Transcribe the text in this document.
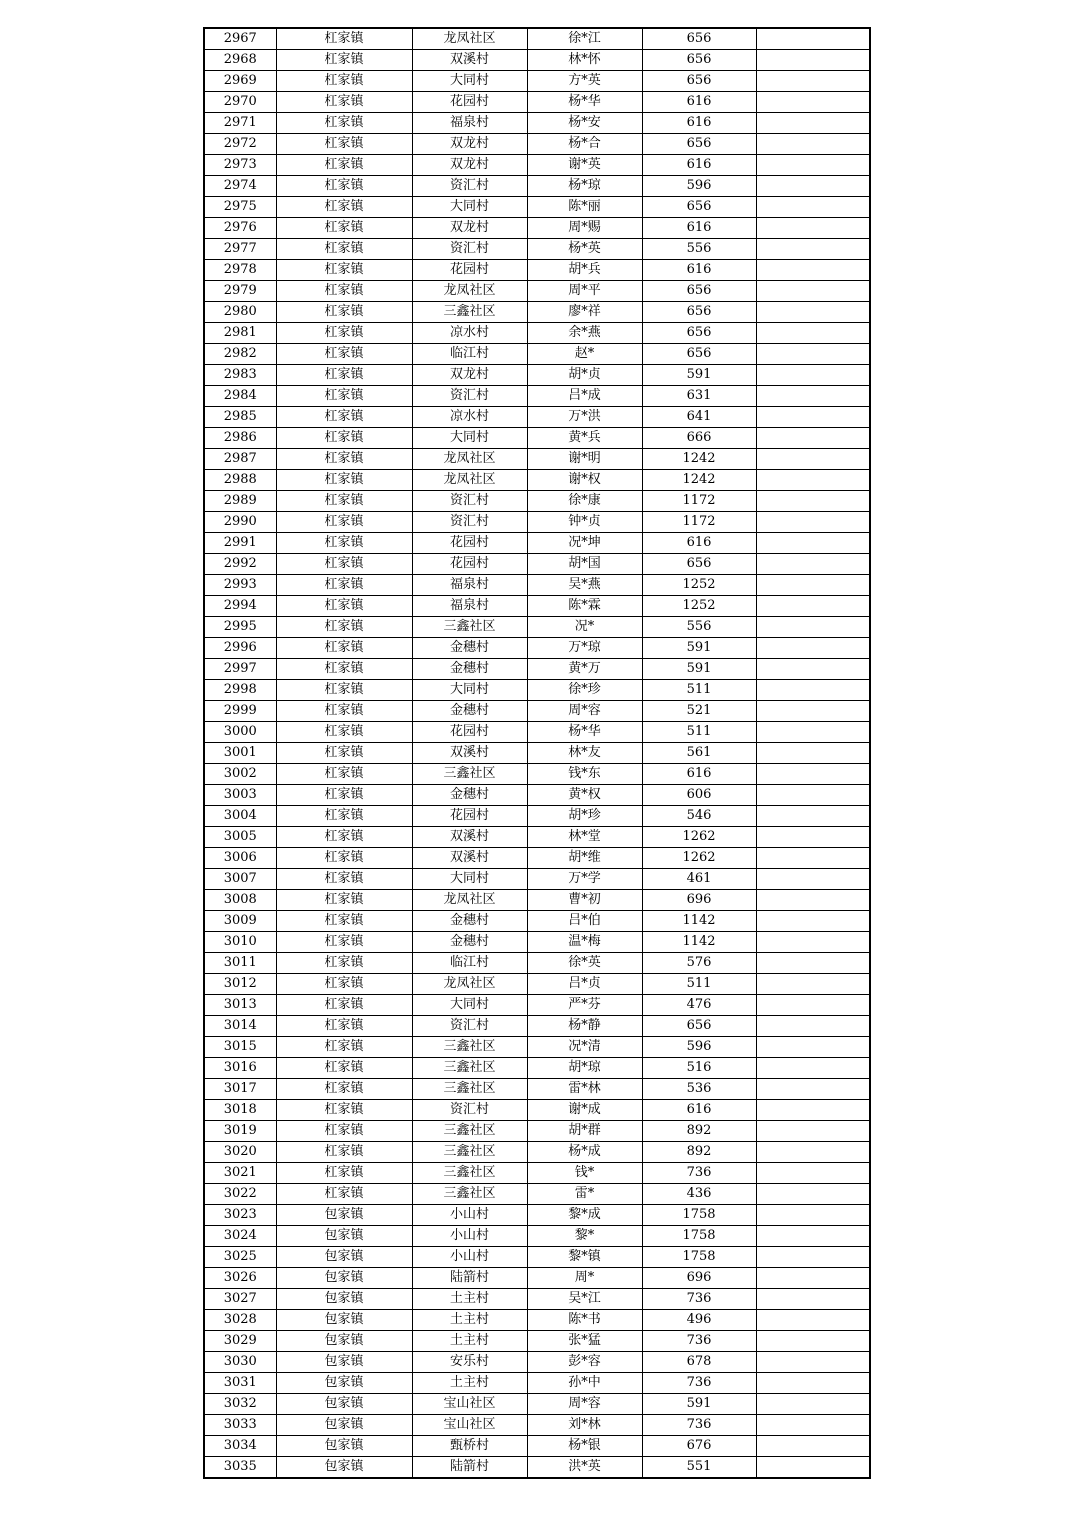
2967	杠家镇	龙凤社区	徐*江	656	
2968	杠家镇	双溪村	林*怀	656	
2969	杠家镇	大同村	方*英	656	
2970	杠家镇	花园村	杨*华	616	
2971	杠家镇	福泉村	杨*安	616	
2972	杠家镇	双龙村	杨*合	656	
2973	杠家镇	双龙村	谢*英	616	
2974	杠家镇	资汇村	杨*琼	596	
2975	杠家镇	大同村	陈*丽	656	
2976	杠家镇	双龙村	周*赐	616	
2977	杠家镇	资汇村	杨*英	556	
2978	杠家镇	花园村	胡*兵	616	
2979	杠家镇	龙凤社区	周*平	656	
2980	杠家镇	三鑫社区	廖*祥	656	
2981	杠家镇	凉水村	余*燕	656	
2982	杠家镇	临江村	赵*	656	
2983	杠家镇	双龙村	胡*贞	591	
2984	杠家镇	资汇村	吕*成	631	
2985	杠家镇	凉水村	万*洪	641	
2986	杠家镇	大同村	黄*兵	666	
2987	杠家镇	龙凤社区	谢*明	1242	
2988	杠家镇	龙凤社区	谢*权	1242	
2989	杠家镇	资汇村	徐*康	1172	
2990	杠家镇	资汇村	钟*贞	1172	
2991	杠家镇	花园村	况*坤	616	
2992	杠家镇	花园村	胡*国	656	
2993	杠家镇	福泉村	吴*燕	1252	
2994	杠家镇	福泉村	陈*霖	1252	
2995	杠家镇	三鑫社区	况*	556	
2996	杠家镇	金穗村	万*琼	591	
2997	杠家镇	金穗村	黄*万	591	
2998	杠家镇	大同村	徐*珍	511	
2999	杠家镇	金穗村	周*容	521	
3000	杠家镇	花园村	杨*华	511	
3001	杠家镇	双溪村	林*友	561	
3002	杠家镇	三鑫社区	钱*东	616	
3003	杠家镇	金穗村	黄*权	606	
3004	杠家镇	花园村	胡*珍	546	
3005	杠家镇	双溪村	林*堂	1262	
3006	杠家镇	双溪村	胡*维	1262	
3007	杠家镇	大同村	万*学	461	
3008	杠家镇	龙凤社区	曹*初	696	
3009	杠家镇	金穗村	吕*伯	1142	
3010	杠家镇	金穗村	温*梅	1142	
3011	杠家镇	临江村	徐*英	576	
3012	杠家镇	龙凤社区	吕*贞	511	
3013	杠家镇	大同村	严*芬	476	
3014	杠家镇	资汇村	杨*静	656	
3015	杠家镇	三鑫社区	况*清	596	
3016	杠家镇	三鑫社区	胡*琼	516	
3017	杠家镇	三鑫社区	雷*林	536	
3018	杠家镇	资汇村	谢*成	616	
3019	杠家镇	三鑫社区	胡*群	892	
3020	杠家镇	三鑫社区	杨*成	892	
3021	杠家镇	三鑫社区	钱*	736	
3022	杠家镇	三鑫社区	雷*	436	
3023	包家镇	小山村	黎*成	1758	
3024	包家镇	小山村	黎*	1758	
3025	包家镇	小山村	黎*镇	1758	
3026	包家镇	陆箭村	周*	696	
3027	包家镇	土主村	吴*江	736	
3028	包家镇	土主村	陈*书	496	
3029	包家镇	土主村	张*猛	736	
3030	包家镇	安乐村	彭*容	678	
3031	包家镇	土主村	孙*中	736	
3032	包家镇	宝山社区	周*容	591	
3033	包家镇	宝山社区	刘*林	736	
3034	包家镇	甄桥村	杨*银	676	
3035	包家镇	陆箭村	洪*英	551	
